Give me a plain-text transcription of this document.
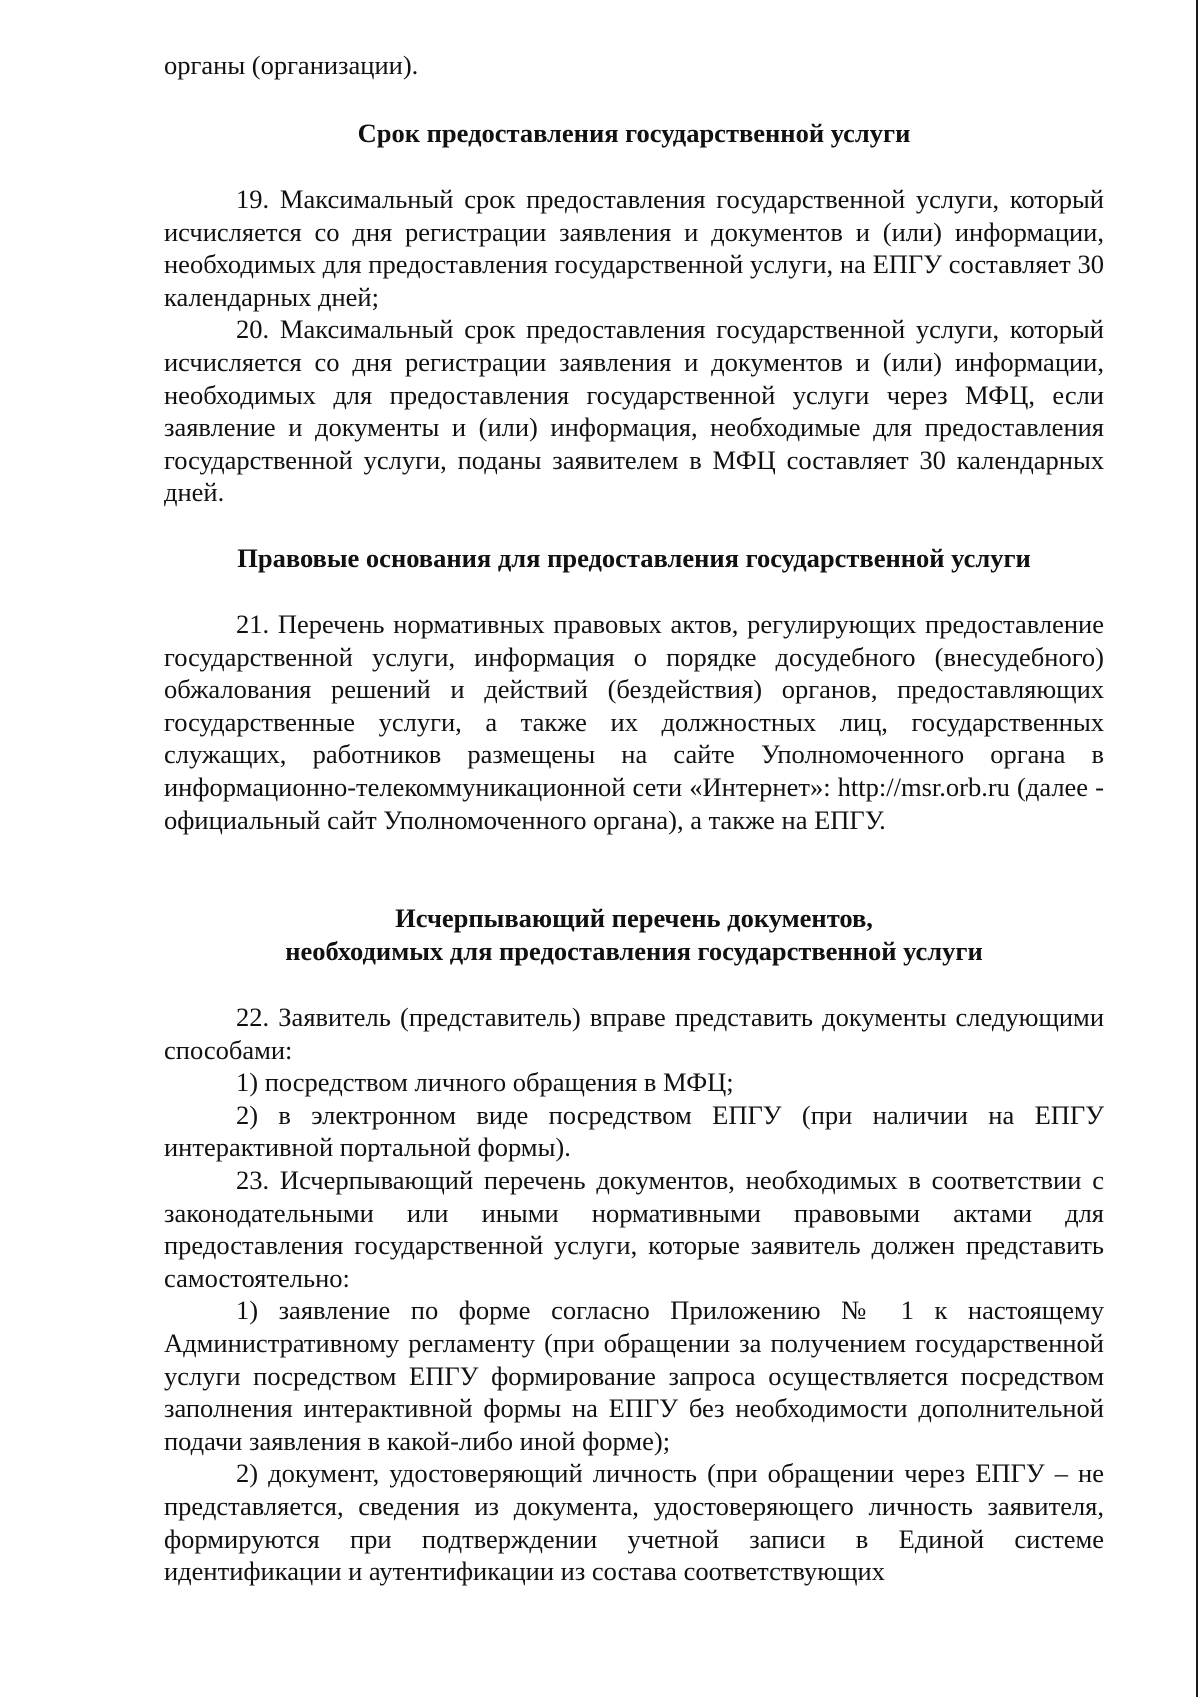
органы (организации).

Срок предоставления государственной услуги

19. Максимальный срок предоставления государственной услуги, который исчисляется со дня регистрации заявления и документов и (или) информации, необходимых для предоставления государственной услуги, на ЕПГУ составляет 30 календарных дней;

20. Максимальный срок предоставления государственной услуги, который исчисляется со дня регистрации заявления и документов и (или) информации, необходимых для предоставления государственной услуги через МФЦ, если заявление и документы и (или) информация, необходимые для предоставления государственной услуги, поданы заявителем в МФЦ составляет 30 календарных дней.

Правовые основания для предоставления государственной услуги

21. Перечень нормативных правовых актов, регулирующих предоставление государственной услуги, информация о порядке досудебного (внесудебного) обжалования решений и действий (бездействия) органов, предоставляющих государственные услуги, а также их должностных лиц, государственных служащих, работников размещены на сайте Уполномоченного органа в информационно-телекоммуникационной сети «Интернет»: http://msr.orb.ru (далее - официальный сайт Уполномоченного органа), а также на ЕПГУ.

Исчерпывающий перечень документов,
необходимых для предоставления государственной услуги

22. Заявитель (представитель) вправе представить документы следующими способами:

1) посредством личного обращения в МФЦ;

2) в электронном виде посредством ЕПГУ (при наличии на ЕПГУ интерактивной портальной формы).

23. Исчерпывающий перечень документов, необходимых в соответствии с законодательными или иными нормативными правовыми актами для предоставления государственной услуги, которые заявитель должен представить самостоятельно:

1) заявление по форме согласно Приложению № 1 к настоящему Административному регламенту (при обращении за получением государственной услуги посредством ЕПГУ формирование запроса осуществляется посредством заполнения интерактивной формы на ЕПГУ без необходимости дополнительной подачи заявления в какой-либо иной форме);

2) документ, удостоверяющий личность (при обращении через ЕПГУ – не представляется, сведения из документа, удостоверяющего личность заявителя, формируются при подтверждении учетной записи в Единой системе идентификации и аутентификации из состава соответствующих
